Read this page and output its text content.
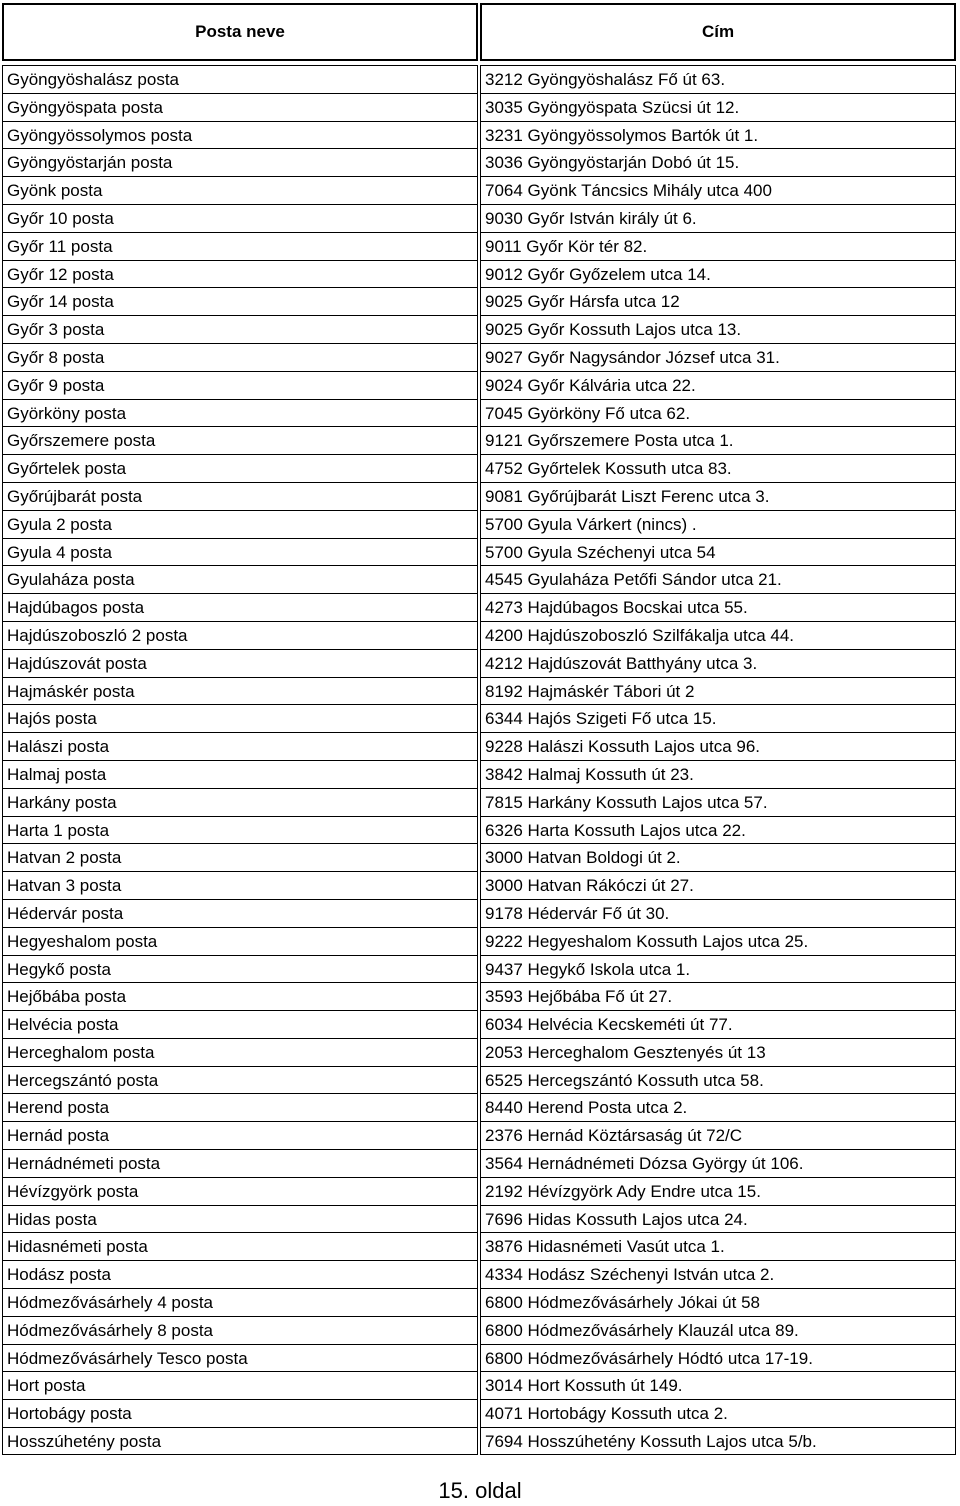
Posta neve	Cím
Gyöngyöshalász posta	3212 Gyöngyöshalász Fő út 63.
Gyöngyöspata posta	3035 Gyöngyöspata Szücsi út 12.
Gyöngyössolymos posta	3231 Gyöngyössolymos Bartók út 1.
Gyöngyöstarján posta	3036 Gyöngyöstarján Dobó út 15.
Gyönk posta	7064 Gyönk Táncsics Mihály utca 400
Győr 10 posta	9030 Győr István király út 6.
Győr 11 posta	9011 Győr Kör tér 82.
Győr 12 posta	9012 Győr Győzelem utca 14.
Győr 14 posta	9025 Győr Hársfa utca 12
Győr 3 posta	9025 Győr Kossuth Lajos utca 13.
Győr 8 posta	9027 Győr Nagysándor József utca 31.
Győr 9 posta	9024 Győr Kálvária utca 22.
Györköny posta	7045 Györköny Fő utca 62.
Győrszemere posta	9121 Győrszemere Posta utca 1.
Győrtelek posta	4752 Győrtelek Kossuth utca 83.
Győrújbarát posta	9081 Győrújbarát Liszt Ferenc utca 3.
Gyula 2 posta	5700 Gyula Várkert (nincs) .
Gyula 4 posta	5700 Gyula Széchenyi utca 54
Gyulaháza posta	4545 Gyulaháza Petőfi Sándor utca 21.
Hajdúbagos posta	4273 Hajdúbagos Bocskai utca 55.
Hajdúszoboszló 2 posta	4200 Hajdúszoboszló Szilfákalja utca 44.
Hajdúszovát posta	4212 Hajdúszovát Batthyány utca 3.
Hajmáskér posta	8192 Hajmáskér Tábori út 2
Hajós posta	6344 Hajós Szigeti Fő utca 15.
Halászi posta	9228 Halászi Kossuth Lajos utca 96.
Halmaj posta	3842 Halmaj Kossuth út 23.
Harkány posta	7815 Harkány Kossuth Lajos utca 57.
Harta 1 posta	6326 Harta Kossuth Lajos utca 22.
Hatvan 2 posta	3000 Hatvan Boldogi út 2.
Hatvan 3 posta	3000 Hatvan Rákóczi út 27.
Hédervár posta	9178 Hédervár Fő út 30.
Hegyeshalom posta	9222 Hegyeshalom Kossuth Lajos utca 25.
Hegykő posta	9437 Hegykő Iskola utca 1.
Hejőbába posta	3593 Hejőbába Fő út 27.
Helvécia posta	6034 Helvécia Kecskeméti út 77.
Herceghalom posta	2053 Herceghalom Gesztenyés út 13
Hercegszántó posta	6525 Hercegszántó Kossuth utca 58.
Herend posta	8440 Herend Posta utca 2.
Hernád posta	2376 Hernád Köztársaság út 72/C
Hernádnémeti posta	3564 Hernádnémeti Dózsa György út 106.
Hévízgyörk posta	2192 Hévízgyörk Ady Endre utca 15.
Hidas posta	7696 Hidas Kossuth Lajos utca 24.
Hidasnémeti posta	3876 Hidasnémeti Vasút utca 1.
Hodász posta	4334 Hodász Széchenyi István utca 2.
Hódmezővásárhely 4 posta	6800 Hódmezővásárhely Jókai út 58
Hódmezővásárhely 8 posta	6800 Hódmezővásárhely Klauzál utca 89.
Hódmezővásárhely Tesco posta	6800 Hódmezővásárhely Hódtó utca 17-19.
Hort posta	3014 Hort Kossuth út 149.
Hortobágy posta	4071 Hortobágy Kossuth utca 2.
Hosszúhetény posta	7694 Hosszúhetény Kossuth Lajos utca 5/b.
15. oldal
